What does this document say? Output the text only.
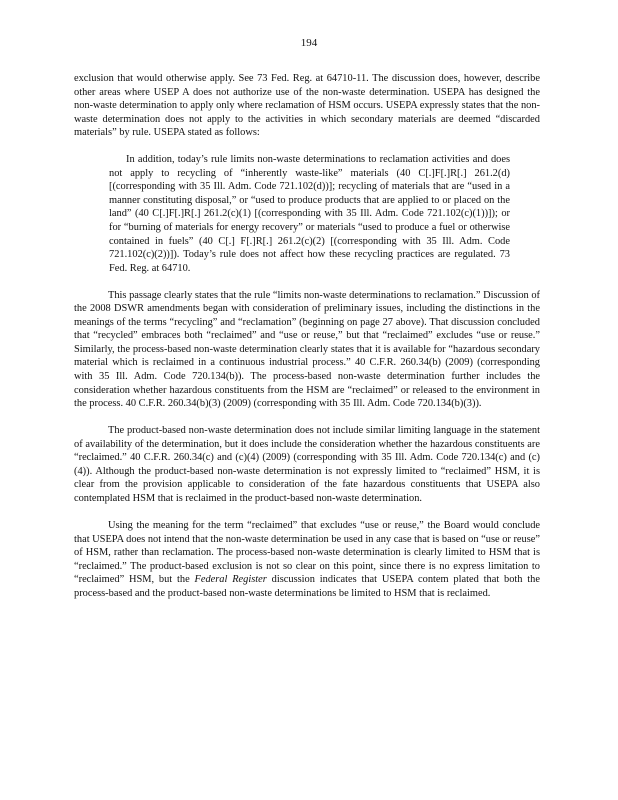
194

exclusion that would otherwise apply. See 73 Fed. Reg. at 64710-11. The discussion does, however, describe other areas where USEP A does not authorize use of the non-waste determination. USEPA has designed the non-waste determination to apply only where reclamation of HSM occurs. USEPA expressly states that the non-waste determination does not apply to the activities in which secondary materials are deemed “discarded materials” by rule. USEPA stated as follows:

In addition, today’s rule limits non-waste determinations to reclamation activities and does not apply to recycling of “inherently waste-like” materials (40 C[.]F[.]R[.] 261.2(d) [(corresponding with 35 Ill. Adm. Code 721.102(d))]; recycling of materials that are “used in a manner constituting disposal,” or “used to produce products that are applied to or placed on the land” (40 C[.]F[.]R[.] 261.2(c)(1) [(corresponding with 35 Ill. Adm. Code 721.102(c)(1))]); or for “burning of materials for energy recovery” or materials “used to produce a fuel or otherwise contained in fuels” (40 C[.] F[.]R[.] 261.2(c)(2) [(corresponding with 35 Ill. Adm. Code 721.102(c)(2))]). Today’s rule does not affect how these recycling practices are regulated. 73 Fed. Reg. at 64710.

This passage clearly states that the rule “limits non-waste determinations to reclamation.” Discussion of the 2008 DSWR amendments began with consideration of preliminary issues, including the distinctions in the meanings of the terms “recycling” and “reclamation” (beginning on page 27 above). That discussion concluded that “recycled” embraces both “reclaimed” and “use or reuse,” but that “reclaimed” excludes “use or reuse.” Similarly, the process-based non-waste determination clearly states that it is available for “hazardous secondary material which is reclaimed in a continuous industrial process.” 40 C.F.R. 260.34(b) (2009) (corresponding with 35 Ill. Adm. Code 720.134(b)). The process-based non-waste determination further includes the consideration whether hazardous constituents from the HSM are “reclaimed” or released to the environment in the process. 40 C.F.R. 260.34(b)(3) (2009) (corresponding with 35 Ill. Adm. Code 720.134(b)(3)).

The product-based non-waste determination does not include similar limiting language in the statement of availability of the determination, but it does include the consideration whether the hazardous constituents are “reclaimed.” 40 C.F.R. 260.34(c) and (c)(4) (2009) (corresponding with 35 Ill. Adm. Code 720.134(c) and (c)(4)). Although the product-based non-waste determination is not expressly limited to “reclaimed” HSM, it is clear from the provision applicable to consideration of the fate hazardous constituents that USEPA also contemplated HSM that is reclaimed in the product-based non-waste determination.

Using the meaning for the term “reclaimed” that excludes “use or reuse,” the Board would conclude that USEPA does not intend that the non-waste determination be used in any case that is based on “use or reuse” of HSM, rather than reclamation. The process-based non-waste determination is clearly limited to HSM that is “reclaimed.” The product-based exclusion is not so clear on this point, since there is no express limitation to “reclaimed” HSM, but the Federal Register discussion indicates that USEPA contem plated that both the process-based and the product-based non-waste determinations be limited to HSM that is reclaimed.
